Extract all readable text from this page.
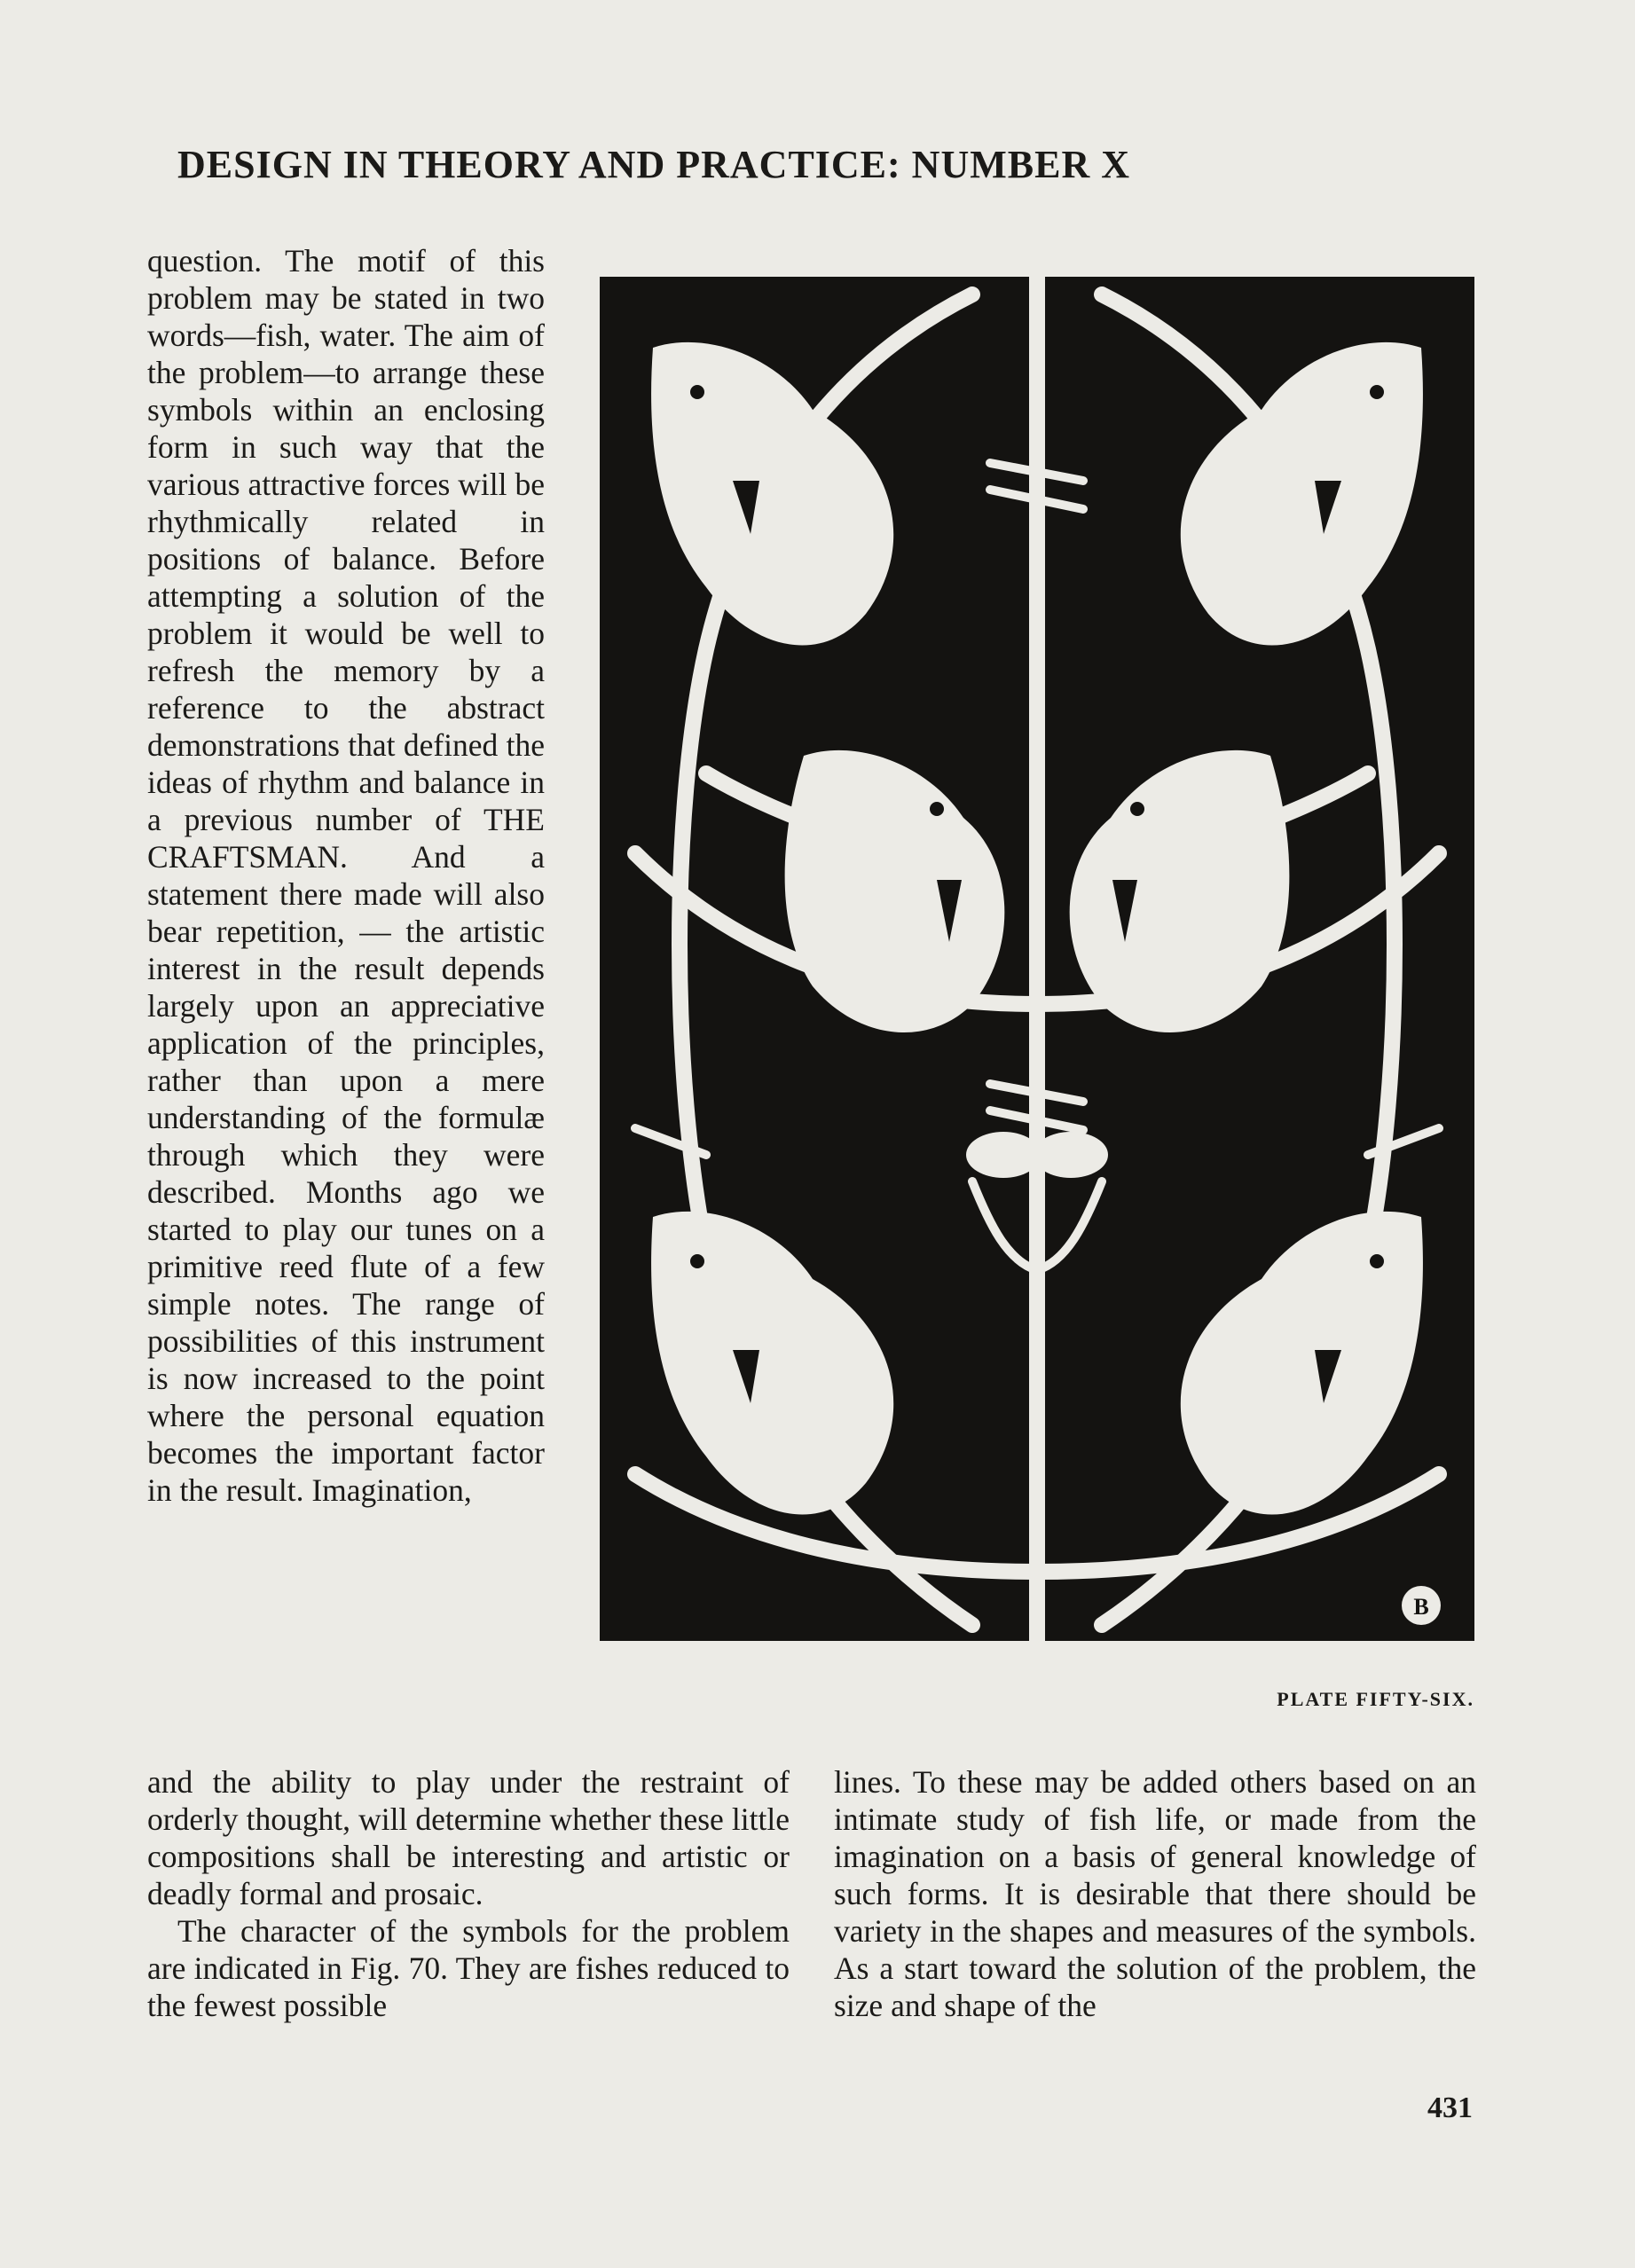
DESIGN IN THEORY AND PRACTICE: NUMBER X

question. The motif of this problem may be stated in two words—fish, water. The aim of the problem—to arrange these symbols within an enclosing form in such way that the various attractive forces will be rhythmically related in positions of balance. Before attempting a solution of the problem it would be well to refresh the memory by a reference to the abstract demonstrations that defined the ideas of rhythm and balance in a previous number of THE CRAFTSMAN. And a statement there made will also bear repetition, — the artistic interest in the result depends largely upon an appreciative application of the principles, rather than upon a mere understanding of the formulæ through which they were described. Months ago we started to play our tunes on a primitive reed flute of a few simple notes. The range of possibilities of this instrument is now increased to the point where the personal equation becomes the important factor in the result. Imagination,

B
PLATE FIFTY-SIX.

and the ability to play under the restraint of orderly thought, will determine whether these little compositions shall be interesting and artistic or deadly formal and prosaic.

The character of the symbols for the problem are indicated in Fig. 70. They are fishes reduced to the fewest possible

lines. To these may be added others based on an intimate study of fish life, or made from the imagination on a basis of general knowledge of such forms. It is desirable that there should be variety in the shapes and measures of the symbols. As a start toward the solution of the problem, the size and shape of the

431
